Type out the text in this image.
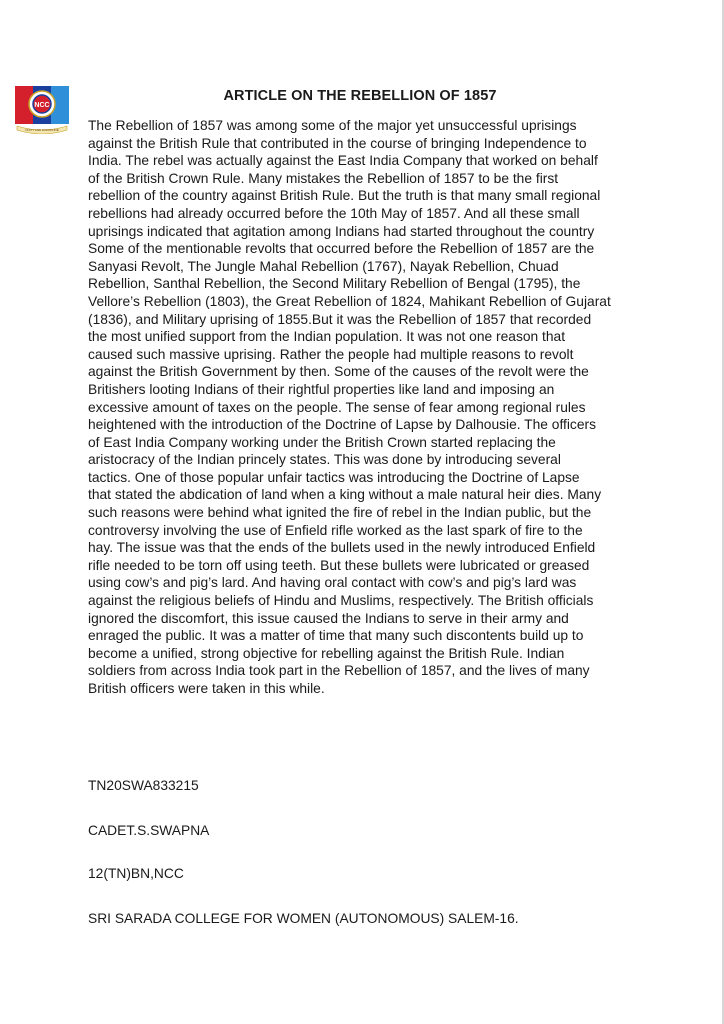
NCC
UNITY AND DISCIPLINE
ARTICLE ON THE REBELLION OF 1857
The Rebellion of 1857 was among some of the major yet unsuccessful uprisings
against the British Rule that contributed in the course of bringing Independence to
India. The rebel was actually against the East India Company that worked on behalf
of the British Crown Rule. Many mistakes the Rebellion of 1857 to be the first
rebellion of the country against British Rule. But the truth is that many small regional
rebellions had already occurred before the 10th May of 1857. And all these small
uprisings indicated that agitation among Indians had started throughout the country
Some of the mentionable revolts that occurred before the Rebellion of 1857 are the
Sanyasi Revolt, The Jungle Mahal Rebellion (1767), Nayak Rebellion, Chuad
Rebellion, Santhal Rebellion, the Second Military Rebellion of Bengal (1795), the
Vellore’s Rebellion (1803), the Great Rebellion of 1824, Mahikant Rebellion of Gujarat
(1836), and Military uprising of 1855.But it was the Rebellion of 1857 that recorded
the most unified support from the Indian population. It was not one reason that
caused such massive uprising. Rather the people had multiple reasons to revolt
against the British Government by then. Some of the causes of the revolt were the
Britishers looting Indians of their rightful properties like land and imposing an
excessive amount of taxes on the people. The sense of fear among regional rules
heightened with the introduction of the Doctrine of Lapse by Dalhousie. The officers
of East India Company working under the British Crown started replacing the
aristocracy of the Indian princely states. This was done by introducing several
tactics. One of those popular unfair tactics was introducing the Doctrine of Lapse
that stated the abdication of land when a king without a male natural heir dies. Many
such reasons were behind what ignited the fire of rebel in the Indian public, but the
controversy involving the use of Enfield rifle worked as the last spark of fire to the
hay. The issue was that the ends of the bullets used in the newly introduced Enfield
rifle needed to be torn off using teeth. But these bullets were lubricated or greased
using cow’s and pig’s lard. And having oral contact with cow’s and pig’s lard was
against the religious beliefs of Hindu and Muslims, respectively. The British officials
ignored the discomfort, this issue caused the Indians to serve in their army and
enraged the public. It was a matter of time that many such discontents build up to
become a unified, strong objective for rebelling against the British Rule. Indian
soldiers from across India took part in the Rebellion of 1857, and the lives of many
British officers were taken in this while.
TN20SWA833215
CADET.S.SWAPNA
12(TN)BN,NCC
SRI SARADA COLLEGE FOR WOMEN (AUTONOMOUS) SALEM-16.
